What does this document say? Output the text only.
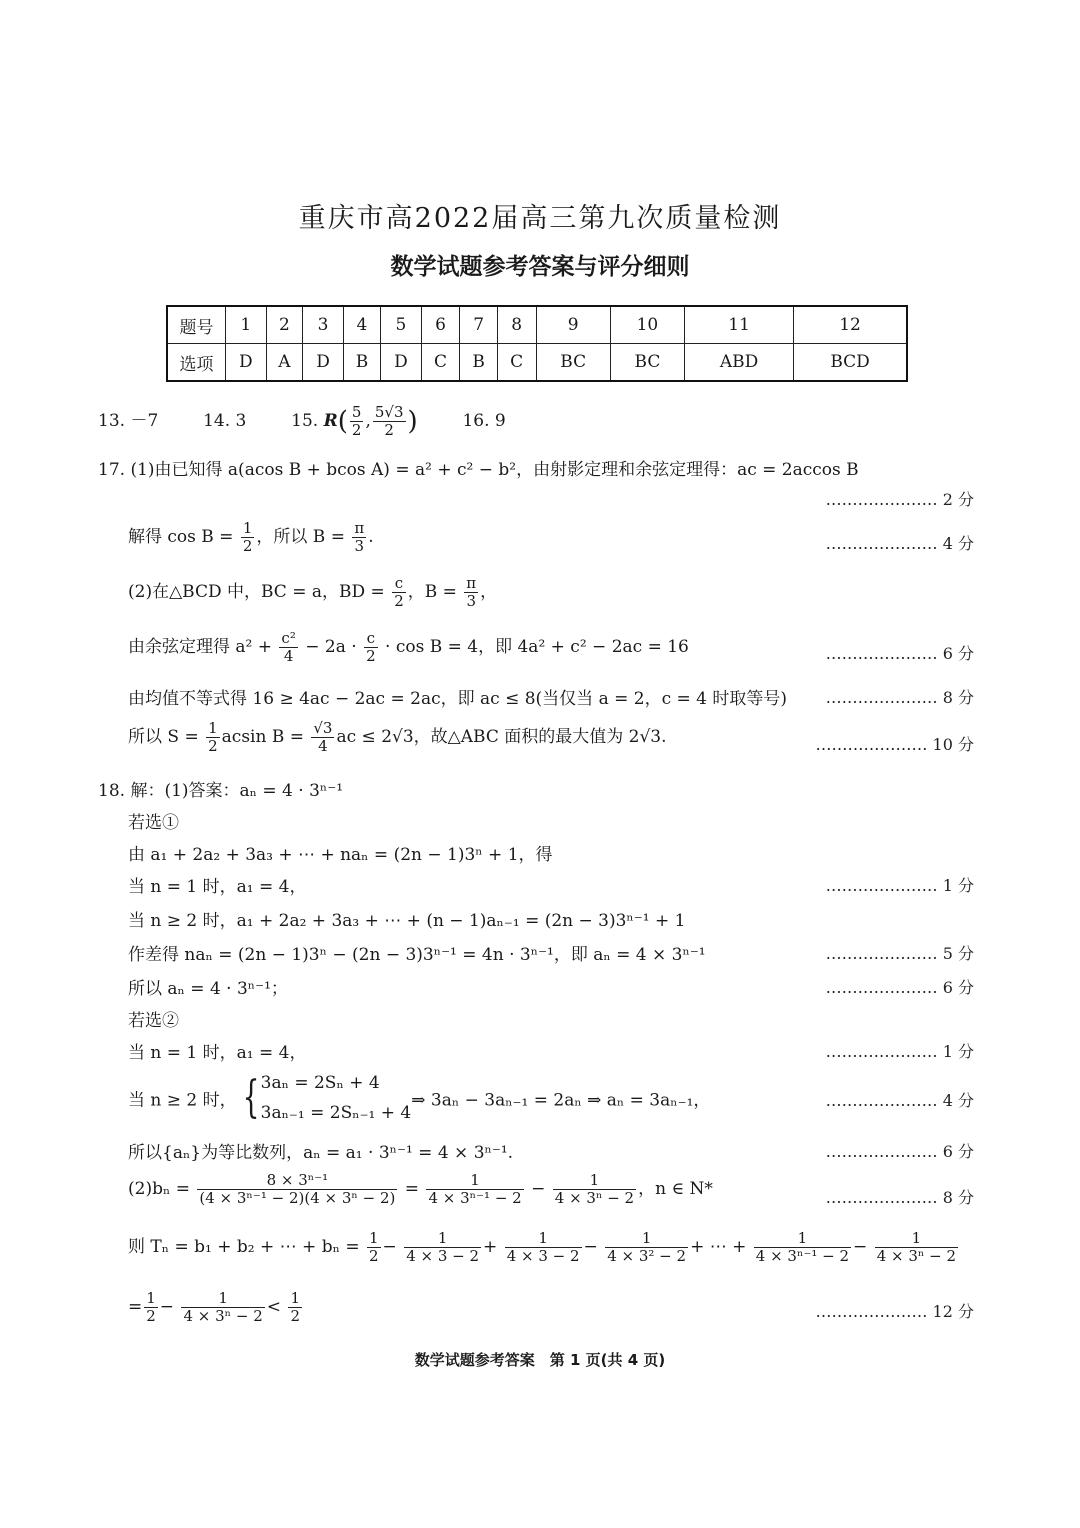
重庆市高2022届高三第九次质量检测
数学试题参考答案与评分细则
题号	1	2	3	4	5	6	7	8	9	10	11	12
选项	D	A	D	B	D	C	B	C	BC	BC	ABD	BCD
13. －7	14. 3	15. $R( \frac{5}{2}$ , $\frac{5√3}{2}$ )	16. 9
17. (1)由已知得 a(acos B + bcos A) = a² + c² − b²，由射影定理和余弦定理得：ac = 2accos B
………………… 2 分
解得 $\cos B = \frac{1}{2}$ ，所以 $B = \frac{\pi}{3}$ .	………………… 4 分
(2)在△BCD 中，BC = a，BD = $\frac{c}{2}$ ，$B = \frac{\pi}{3}$ ，
由余弦定理得 $a^2 + \frac{\text{c²}}{4} - 2a \cdot \frac{c}{2} \cdot \cos B = 4$，即 4a² + c² − 2ac = 16	………………… 6 分
由均值不等式得 16 ≥ 4ac − 2ac = 2ac，即 ac ≤ 8(当仅当 a = 2，c = 4 时取等号) ………………… 8 分
所以 $S = \frac{1}{2}$ acsin $B = \frac{√3}{4}$ ac ≤ 2√3，故△ABC 面积的最大值为 2√3.	………………… 10 分
18. 解：(1)答案：aₙ = 4 · 3ⁿ⁻¹
若选①
由 a₁ + 2a₂ + 3a₃ + ⋯ + naₙ = (2n − 1)3ⁿ + 1，得
当 n = 1 时，a₁ = 4，	………………… 1 分
当 n ≥ 2 时，a₁ + 2a₂ + 3a₃ + ⋯ + (n − 1)aₙ₋₁ = (2n − 3)3ⁿ⁻¹ + 1
作差得 naₙ = (2n − 1)3ⁿ − (2n − 3)3ⁿ⁻¹ = 4n · 3ⁿ⁻¹，即 aₙ = 4 × 3ⁿ⁻¹	………………… 5 分
所以 aₙ = 4 · 3ⁿ⁻¹；	………………… 6 分
若选②
当 n = 1 时，a₁ = 4，	………………… 1 分
当 n ≥ 2 时， { 3aₙ = 2Sₙ + 4
3aₙ₋₁ = 2Sₙ₋₁ + 4
⇒ 3aₙ − 3aₙ₋₁ = 2aₙ ⇒ aₙ = 3aₙ₋₁，	………………… 4 分
所以{aₙ}为等比数列，aₙ = a₁ · 3ⁿ⁻¹ = 4 × 3ⁿ⁻¹.	………………… 6 分
$(2)b_n = \frac{\text{8 × 3ⁿ⁻¹}}{\text{(4 × 3ⁿ⁻¹ − 2)(4 × 3ⁿ − 2)}} = \frac{1}{\text{4 × 3ⁿ⁻¹ − 2}} - \frac{1}{\text{4 × 3ⁿ − 2}}$ ，n ∈ N*	………………… 8 分
则 Tₙ = b₁ + b₂ + ⋯ + $b_n = \frac{1}{2} - \frac{1}{4 \times 3 - 2} + \frac{1}{4 \times 3 - 2} - \frac{1}{\text{4 × 3² − 2}}$ + ⋯ + $\frac{1}{\text{4 × 3ⁿ⁻¹ − 2}} - \frac{1}{\text{4 × 3ⁿ − 2}}$
= $\frac{1}{2} - \frac{1}{\text{4 × 3ⁿ − 2}} < \frac{1}{2}$	………………… 12 分
数学试题参考答案　第 1 页(共 4 页)
